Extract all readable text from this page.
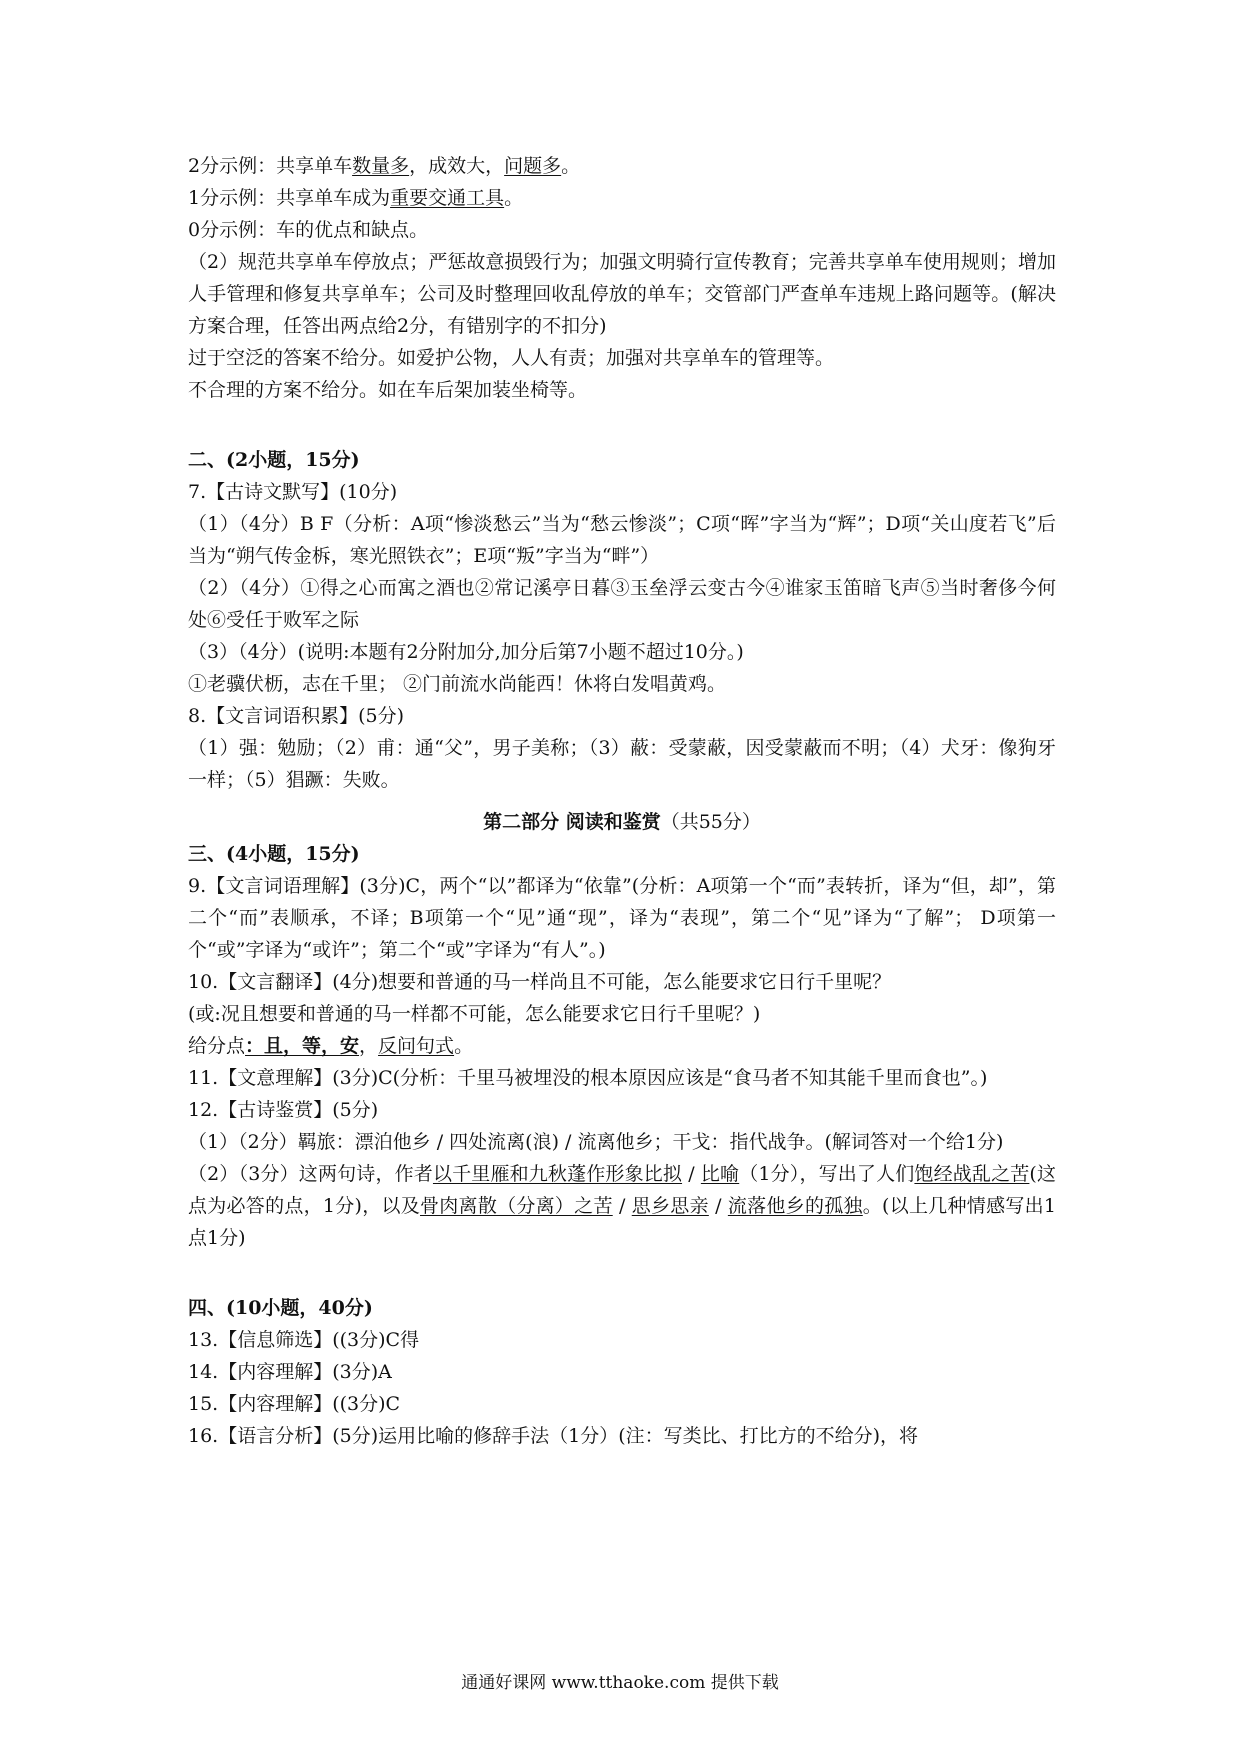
2分示例：共享单车数量多，成效大，问题多。
1分示例：共享单车成为重要交通工具。
0分示例：车的优点和缺点。
（2）规范共享单车停放点；严惩故意损毁行为；加强文明骑行宣传教育；完善共享单车使用规则；增加人手管理和修复共享单车；公司及时整理回收乱停放的单车；交管部门严查单车违规上路问题等。(解决方案合理，任答出两点给2分，有错别字的不扣分)
过于空泛的答案不给分。如爱护公物，人人有责；加强对共享单车的管理等。
不合理的方案不给分。如在车后架加装坐椅等。
二、(2小题，15分)
7.【古诗文默写】(10分)
（1）（4分）B F（分析：A项“惨淡愁云”当为“愁云惨淡”；C项“晖”字当为“辉”；D项“关山度若飞”后当为“朔气传金柝，寒光照铁衣”；E项“叛”字当为“畔”）
（2）（4分）①得之心而寓之酒也②常记溪亭日暮③玉垒浮云变古今④谁家玉笛暗飞声⑤当时奢侈今何处⑥受任于败军之际
（3）（4分）(说明:本题有2分附加分,加分后第7小题不超过10分。)
①老骥伏枥，志在千里； ②门前流水尚能西！休将白发唱黄鸡。
8.【文言词语积累】(5分)
（1）强：勉励；（2）甫：通“父”，男子美称；（3）蔽：受蒙蔽，因受蒙蔽而不明；（4）犬牙：像狗牙一样；（5）猖蹶：失败。
第二部分 阅读和鉴赏（共55分）
三、(4小题，15分)
9.【文言词语理解】(3分)C，两个“以”都译为“依靠”(分析：A项第一个“而”表转折，译为“但，却”，第二个“而”表顺承，不译；B项第一个“见”通“现”，译为“表现”，第二个“见”译为“了解”； D项第一个“或”字译为“或许”；第二个“或”字译为“有人”。)
10.【文言翻译】(4分)想要和普通的马一样尚且不可能，怎么能要求它日行千里呢？
(或:况且想要和普通的马一样都不可能，怎么能要求它日行千里呢？)
给分点：且，等，安，反问句式。
11.【文意理解】(3分)C(分析：千里马被埋没的根本原因应该是“食马者不知其能千里而食也”。)
12.【古诗鉴赏】(5分)
（1）（2分）羁旅：漂泊他乡 / 四处流离(浪) / 流离他乡；干戈：指代战争。(解词答对一个给1分)
（2）（3分）这两句诗，作者以千里雁和九秋蓬作形象比拟 / 比喻（1分），写出了人们饱经战乱之苦(这点为必答的点，1分)，以及骨肉离散（分离）之苦 / 思乡思亲 / 流落他乡的孤独。(以上几种情感写出1点1分)
四、(10小题，40分)
13.【信息筛选】((3分)C得
14.【内容理解】(3分)A
15.【内容理解】((3分)C
16.【语言分析】(5分)运用比喻的修辞手法（1分）(注：写类比、打比方的不给分)，将
通通好课网 www.tthaoke.com 提供下载
